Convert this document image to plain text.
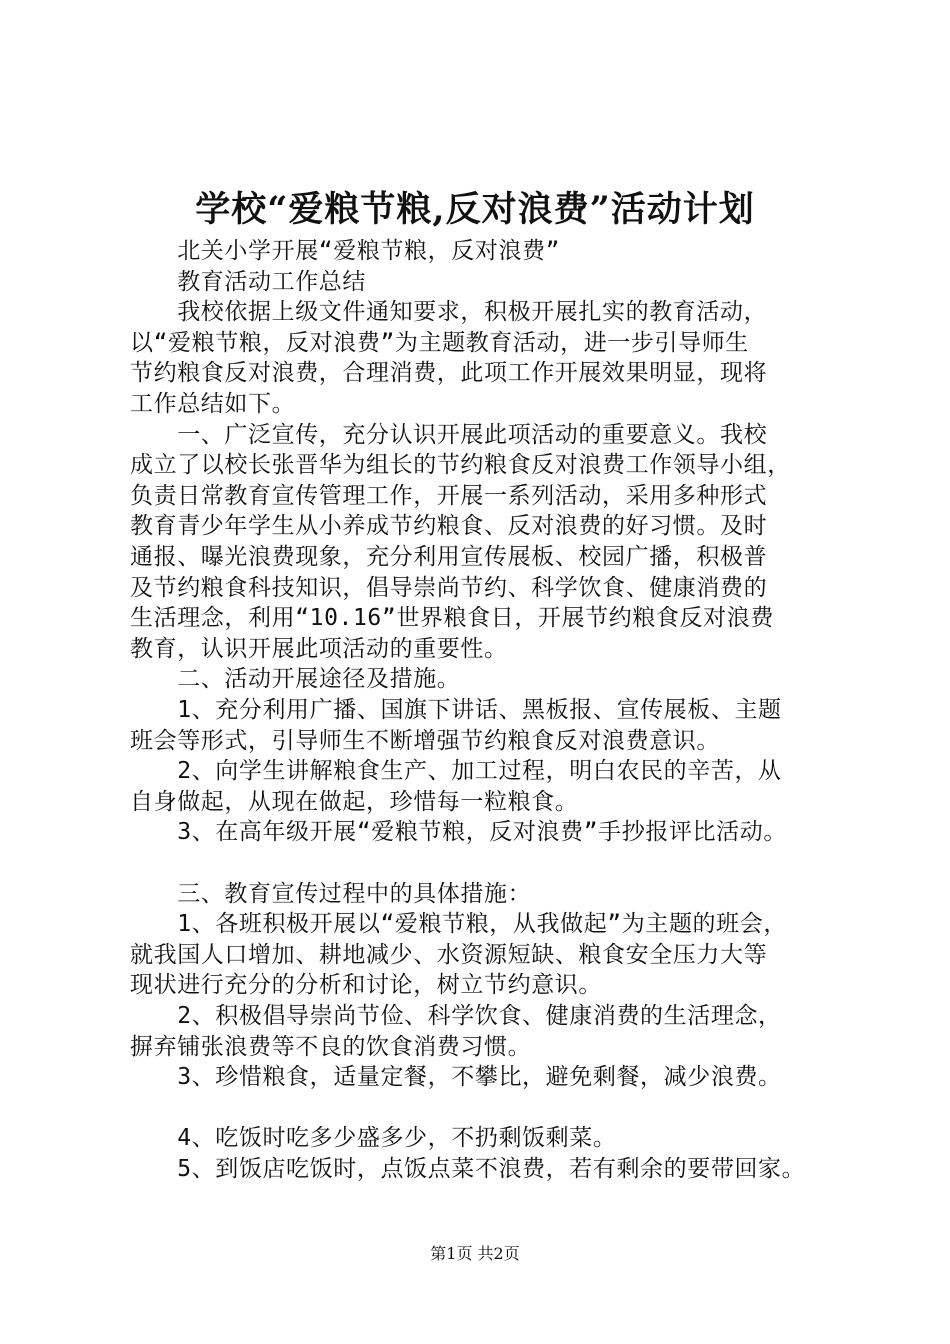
学校“爱粮节粮,反对浪费”活动计划
　　北关小学开展“爱粮节粮，反对浪费”
　　教育活动工作总结
　　我校依据上级文件通知要求，积极开展扎实的教育活动，
以“爱粮节粮，反对浪费”为主题教育活动，进一步引导师生
节约粮食反对浪费，合理消费，此项工作开展效果明显，现将
工作总结如下。
　　一、广泛宣传，充分认识开展此项活动的重要意义。我校
成立了以校长张晋华为组长的节约粮食反对浪费工作领导小组，
负责日常教育宣传管理工作，开展一系列活动，采用多种形式
教育青少年学生从小养成节约粮食、反对浪费的好习惯。及时
通报、曝光浪费现象，充分利用宣传展板、校园广播，积极普
及节约粮食科技知识，倡导崇尚节约、科学饮食、健康消费的
生活理念，利用“10.16”世界粮食日，开展节约粮食反对浪费
教育，认识开展此项活动的重要性。
　　二、活动开展途径及措施。
　　1、充分利用广播、国旗下讲话、黑板报、宣传展板、主题
班会等形式，引导师生不断增强节约粮食反对浪费意识。
　　2、向学生讲解粮食生产、加工过程，明白农民的辛苦，从
自身做起，从现在做起，珍惜每一粒粮食。
　　3、在高年级开展“爱粮节粮，反对浪费”手抄报评比活动。
　　三、教育宣传过程中的具体措施：
　　1、各班积极开展以“爱粮节粮，从我做起”为主题的班会，
就我国人口增加、耕地减少、水资源短缺、粮食安全压力大等
现状进行充分的分析和讨论，树立节约意识。
　　2、积极倡导崇尚节俭、科学饮食、健康消费的生活理念，
摒弃铺张浪费等不良的饮食消费习惯。
　　3、珍惜粮食，适量定餐，不攀比，避免剩餐，减少浪费。
　　4、吃饭时吃多少盛多少，不扔剩饭剩菜。
　　5、到饭店吃饭时，点饭点菜不浪费，若有剩余的要带回家。
第1页 共2页
